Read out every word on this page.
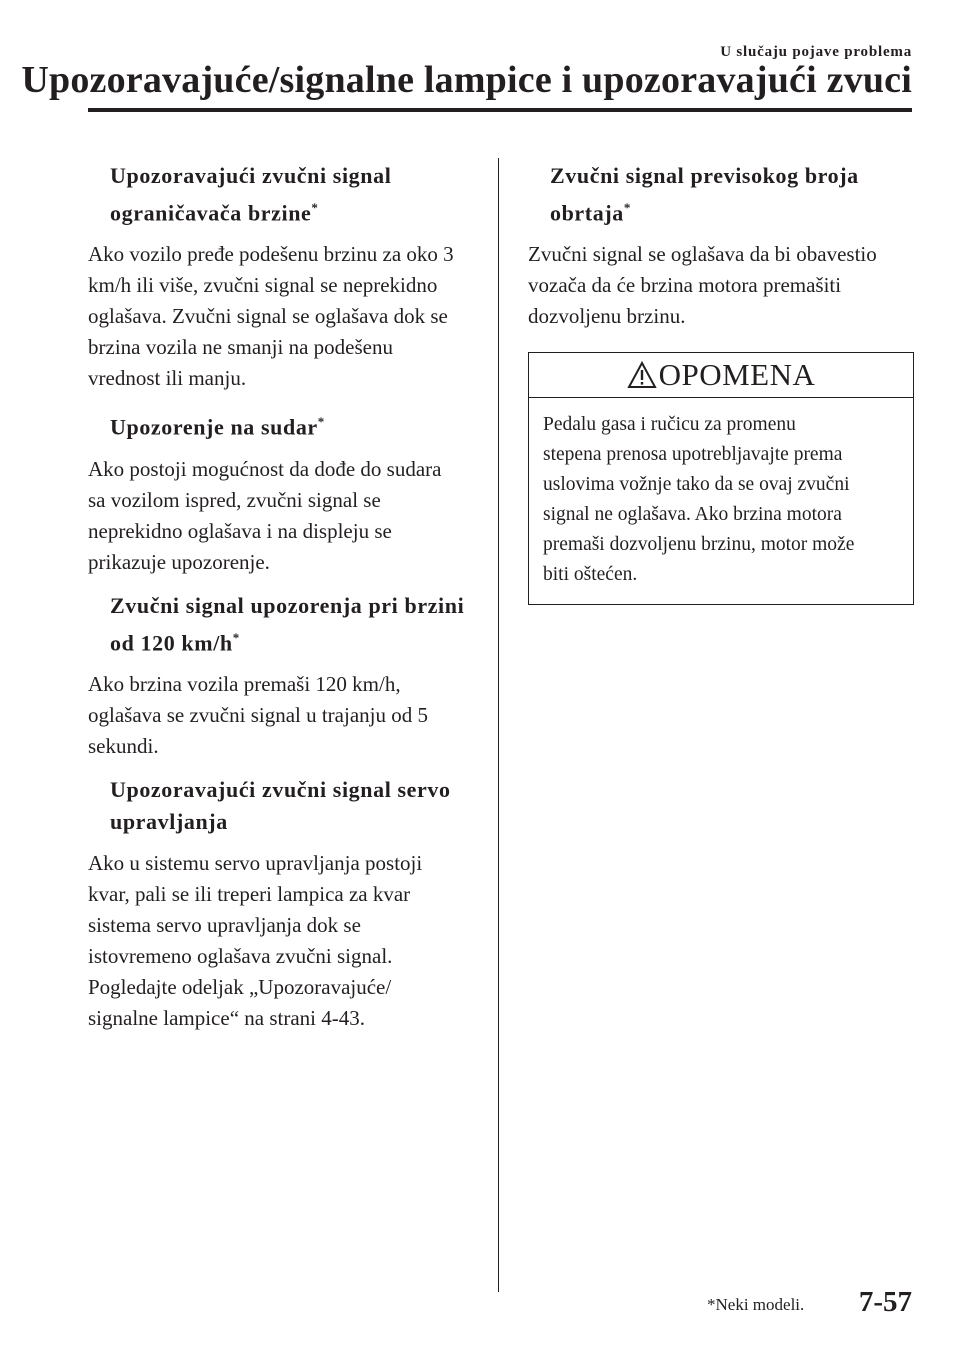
U slučaju pojave problema
Upozoravajuće/signalne lampice i upozoravajući zvuci
Upozoravajući zvučni signal
ograničavača brzine*

Ako vozilo pređe podešenu brzinu za oko 3
km/h ili više, zvučni signal se neprekidno
oglašava. Zvučni signal se oglašava dok se
brzina vozila ne smanji na podešenu
vrednost ili manju.

Upozorenje na sudar*

Ako postoji mogućnost da dođe do sudara
sa vozilom ispred, zvučni signal se
neprekidno oglašava i na displeju se
prikazuje upozorenje.

Zvučni signal upozorenja pri brzini
od 120 km/h*

Ako brzina vozila premaši 120 km/h,
oglašava se zvučni signal u trajanju od 5
sekundi.

Upozoravajući zvučni signal servo
upravljanja

Ako u sistemu servo upravljanja postoji
kvar, pali se ili treperi lampica za kvar
sistema servo upravljanja dok se
istovremeno oglašava zvučni signal.
Pogledajte odeljak „Upozoravajuće/
signalne lampice“ na strani 4-43.

Zvučni signal previsokog broja
obrtaja*

Zvučni signal se oglašava da bi obavestio
vozača da će brzina motora premašiti
dozvoljenu brzinu.

OPOMENA

Pedalu gasa i ručicu za promenu
stepena prenosa upotrebljavajte prema
uslovima vožnje tako da se ovaj zvučni
signal ne oglašava. Ako brzina motora
premaši dozvoljenu brzinu, motor može
biti oštećen.

*Neki modeli. 7-57
